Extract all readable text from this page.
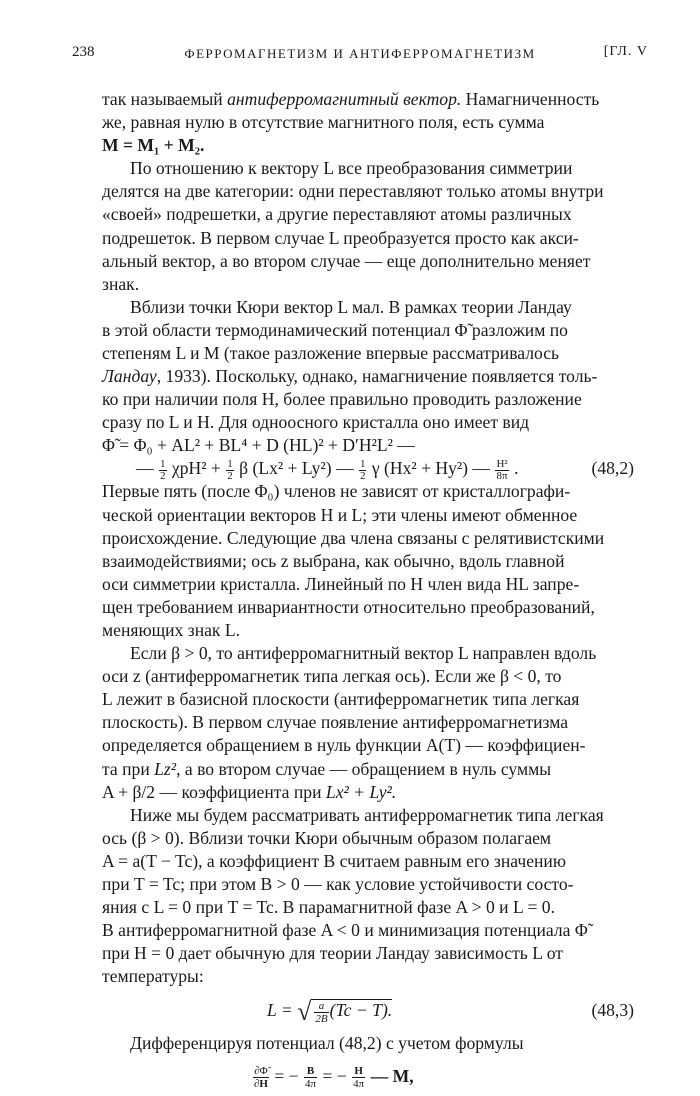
238	ФЕРРОМАГНЕТИЗМ И АНТИФЕРРОМАГНЕТИЗМ	[ГЛ. V

так называемый антиферромагнитный вектор. Намагниченность

же, равная нулю в отсутствие магнитного поля, есть сумма

M = M₁ + M₂.

По отношению к вектору L все преобразования симметрии

делятся на две категории: одни переставляют только атомы внутри

«своей» подрешетки, а другие переставляют атомы различных

подрешеток. В первом случае L преобразуется просто как акси-

альный вектор, а во втором случае — еще дополнительно меняет

знак.

Вблизи точки Кюри вектор L мал. В рамках теории Ландау

в этой области термодинамический потенциал Φ̃ разложим по

степеням L и M (такое разложение впервые рассматривалось

Ландау, 1933). Поскольку, однако, намагничение появляется толь-

ко при наличии поля H, более правильно проводить разложение

сразу по L и H. Для одноосного кристалла оно имеет вид

Φ̃ = Φ₀ + AL² + BL⁴ + D (HL)² + D′H²L² —
— $\frac{1}{2} \chi pH^2 + \frac{1}{2}$ β (Lx² + Ly²) — $\frac{1}{2}$ γ (Hx² + Hy²) — $\frac{\text{H²}}{8\pi}$ .	(48,2)

Первые пять (после Φ₀) членов не зависят от кристаллографи-

ческой ориентации векторов H и L; эти члены имеют обменное

происхождение. Следующие два члена связаны с релятивистскими

взаимодействиями; ось z выбрана, как обычно, вдоль главной

оси симметрии кристалла. Линейный по H член вида HL запре-

щен требованием инвариантности относительно преобразований,

меняющих знак L.

Если β > 0, то антиферромагнитный вектор L направлен вдоль

оси z (антиферромагнетик типа легкая ось). Если же β < 0, то

L лежит в базисной плоскости (антиферромагнетик типа легкая

плоскость). В первом случае появление антиферромагнетизма

определяется обращением в нуль функции A(T) — коэффициен-

та при Lz², а во втором случае — обращением в нуль суммы

A + β/2 — коэффициента при Lx² + Ly².

Ниже мы будем рассматривать антиферромагнетик типа легкая

ось (β > 0). Вблизи точки Кюри обычным образом полагаем

A = a(T − Tc), а коэффициент B считаем равным его значению

при T = Tc; при этом B > 0 — как условие устойчивости состо-

яния с L = 0 при T = Tc. В парамагнитной фазе A > 0 и L = 0.

В антиферромагнитной фазе A < 0 и минимизация потенциала Φ̃

при H = 0 дает обычную для теории Ландау зависимость L от

температуры:

L = √ $\frac{a}{2B} (Tc - T)$.	(48,3)

Дифференцируя потенциал (48,2) с учетом формулы

$\frac{\partial\Phĩ}{\partial H}$ = − $\frac{B}{4\pi}$ = − $\frac{H}{4\pi}$ — M,
